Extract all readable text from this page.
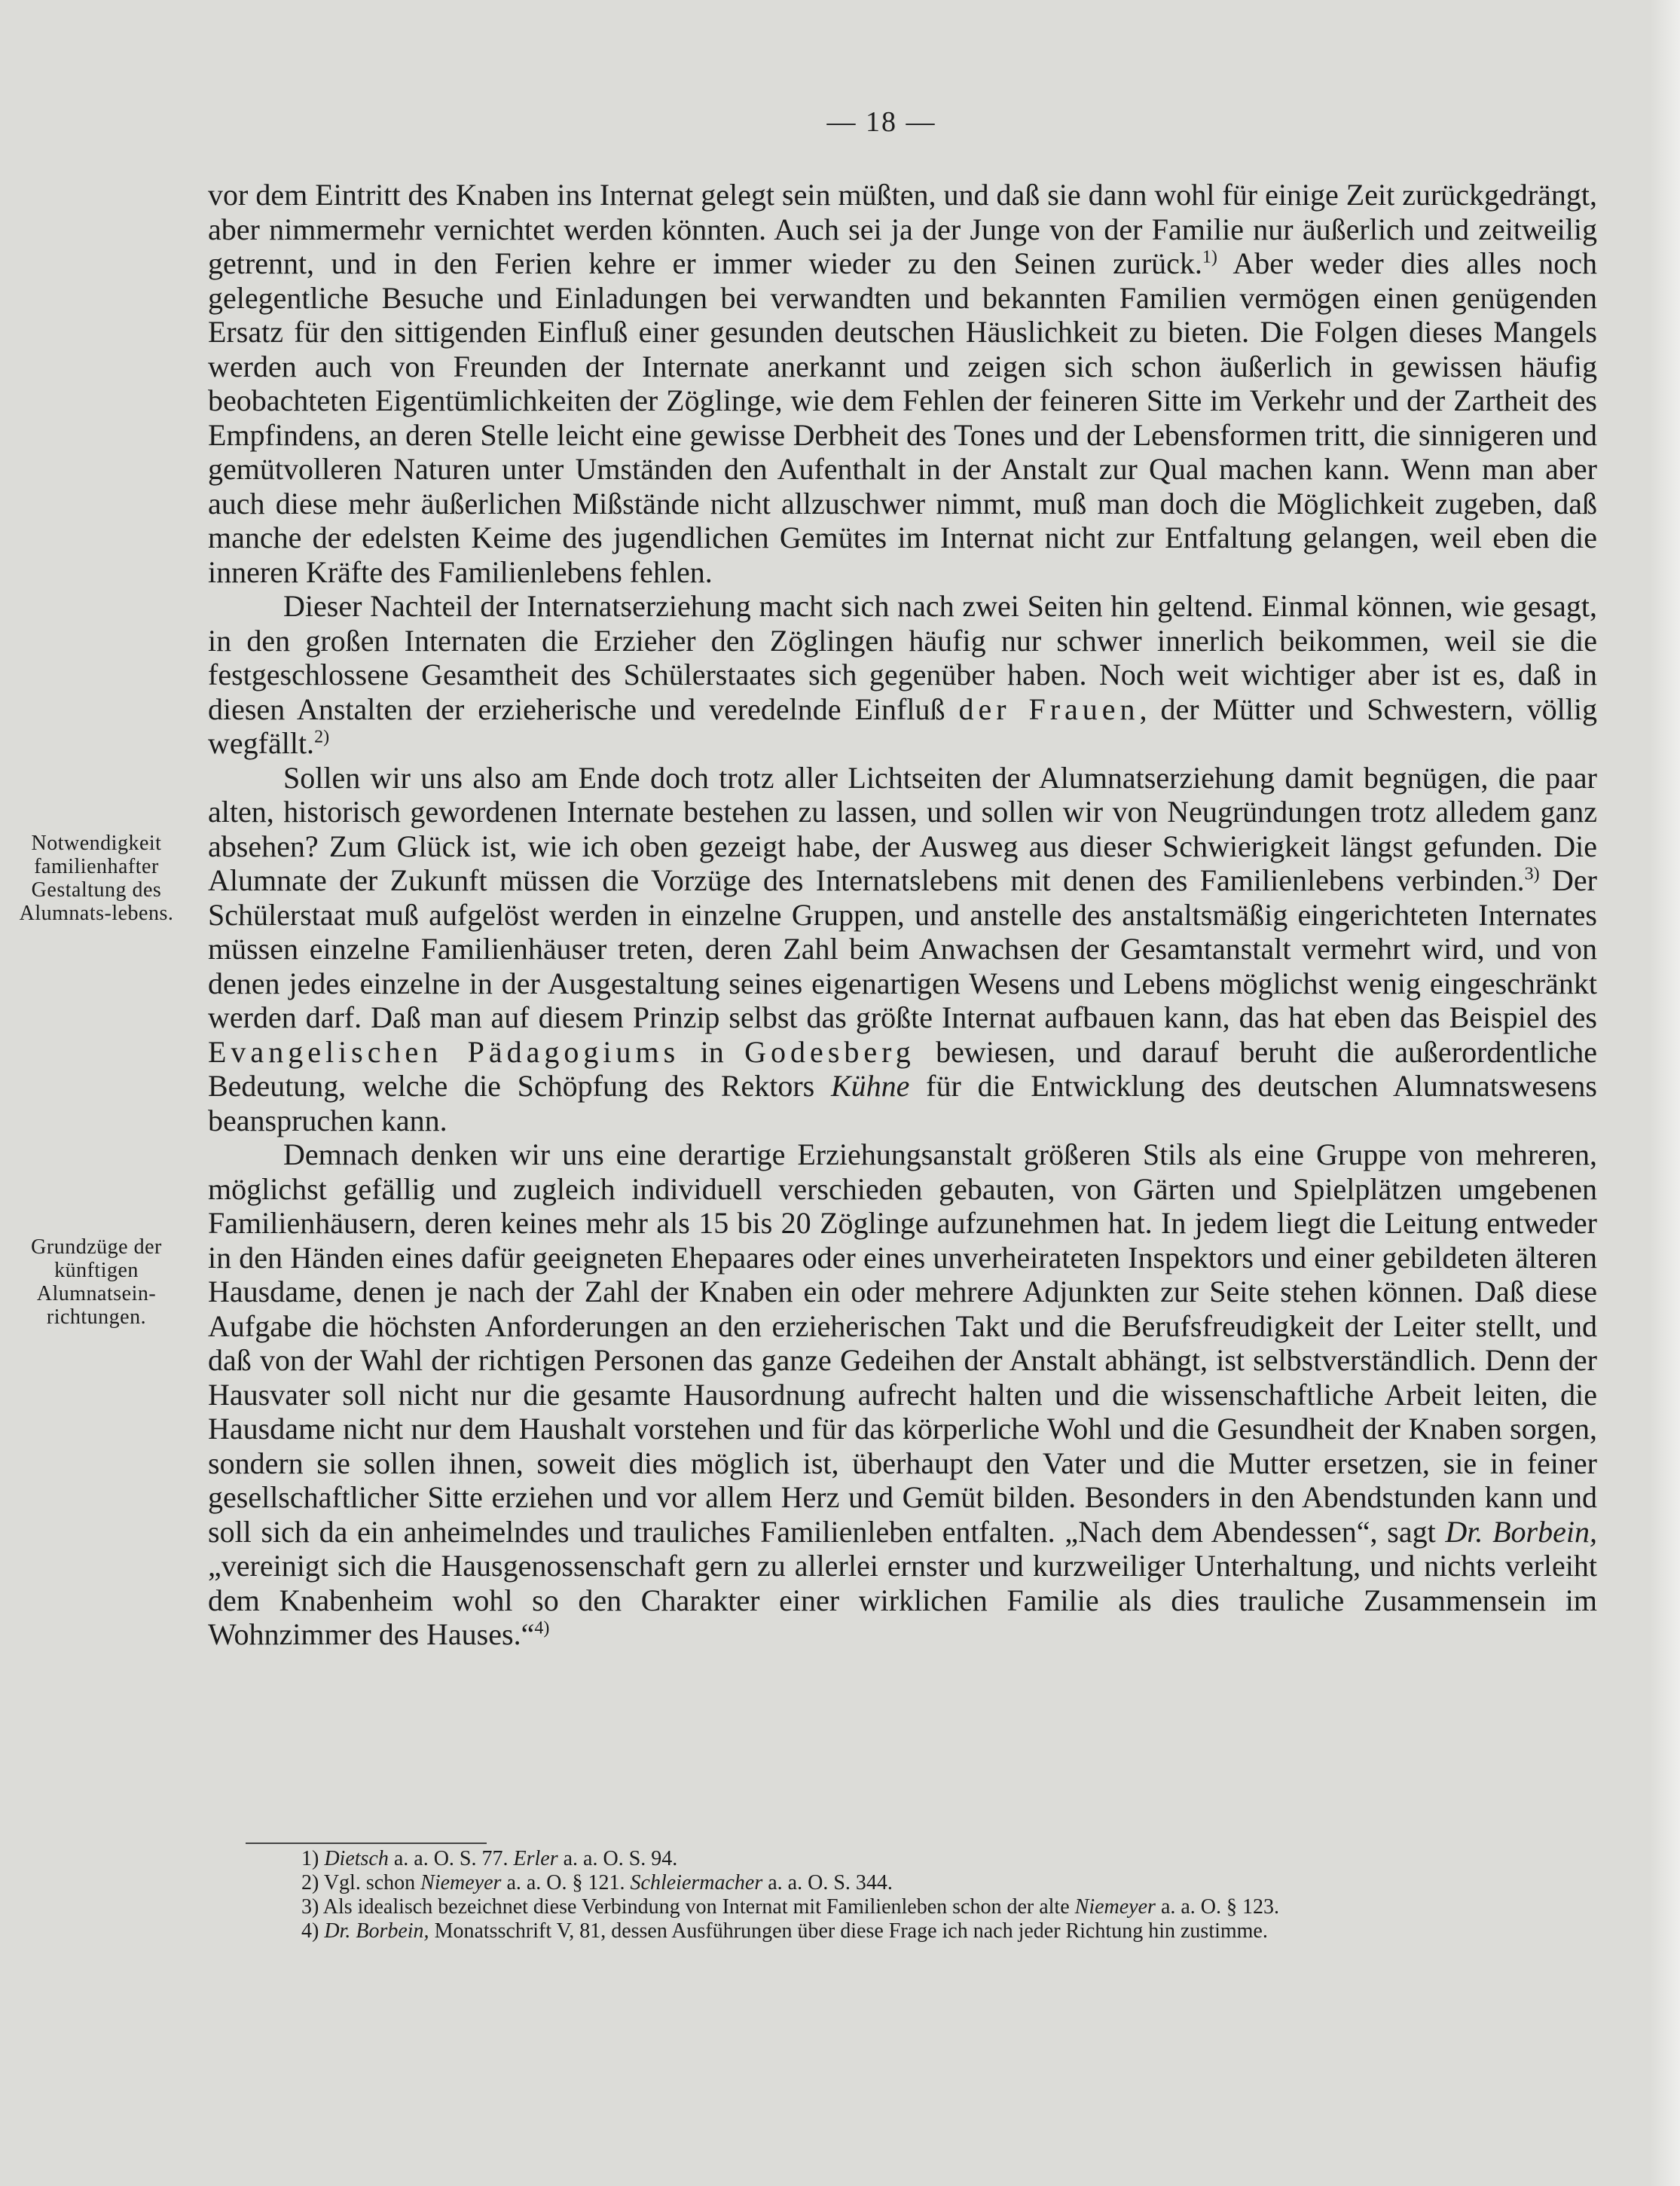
— 18 —
Notwendigkeit familienhafter Gestaltung des Alumnats-lebens.
Grundzüge der künftigen Alumnatsein-richtungen.

vor dem Eintritt des Knaben ins Internat gelegt sein müßten, und daß sie dann wohl für einige Zeit zurückgedrängt, aber nimmermehr vernichtet werden könnten. Auch sei ja der Junge von der Familie nur äußerlich und zeitweilig getrennt, und in den Ferien kehre er immer wieder zu den Seinen zurück.$^{1)}$ Aber weder dies alles noch gelegentliche Besuche und Einladungen bei verwandten und bekannten Familien vermögen einen genügenden Ersatz für den sittigenden Einfluß einer gesunden deutschen Häuslichkeit zu bieten. Die Folgen dieses Mangels werden auch von Freunden der Internate anerkannt und zeigen sich schon äußerlich in gewissen häufig beobachteten Eigentümlichkeiten der Zöglinge, wie dem Fehlen der feineren Sitte im Verkehr und der Zartheit des Empfindens, an deren Stelle leicht eine gewisse Derbheit des Tones und der Lebensformen tritt, die sinnigeren und gemütvolleren Naturen unter Umständen den Aufenthalt in der Anstalt zur Qual machen kann. Wenn man aber auch diese mehr äußerlichen Mißstände nicht allzuschwer nimmt, muß man doch die Möglichkeit zugeben, daß manche der edelsten Keime des jugendlichen Gemütes im Internat nicht zur Entfaltung gelangen, weil eben die inneren Kräfte des Familienlebens fehlen.

Dieser Nachteil der Internatserziehung macht sich nach zwei Seiten hin geltend. Einmal können, wie gesagt, in den großen Internaten die Erzieher den Zöglingen häufig nur schwer innerlich beikommen, weil sie die festgeschlossene Gesamtheit des Schülerstaates sich gegenüber haben. Noch weit wichtiger aber ist es, daß in diesen Anstalten der erzieherische und veredelnde Einfluß der Frauen, der Mütter und Schwestern, völlig wegfällt.$^{2)}$

Sollen wir uns also am Ende doch trotz aller Lichtseiten der Alumnatserziehung damit begnügen, die paar alten, historisch gewordenen Internate bestehen zu lassen, und sollen wir von Neugründungen trotz alledem ganz absehen? Zum Glück ist, wie ich oben gezeigt habe, der Ausweg aus dieser Schwierigkeit längst gefunden. Die Alumnate der Zukunft müssen die Vorzüge des Internatslebens mit denen des Familienlebens verbinden.$^{3)}$ Der Schülerstaat muß aufgelöst werden in einzelne Gruppen, und anstelle des anstaltsmäßig eingerichteten Internates müssen einzelne Familienhäuser treten, deren Zahl beim Anwachsen der Gesamtanstalt vermehrt wird, und von denen jedes einzelne in der Ausgestaltung seines eigenartigen Wesens und Lebens möglichst wenig eingeschränkt werden darf. Daß man auf diesem Prinzip selbst das größte Internat aufbauen kann, das hat eben das Beispiel des Evangelischen Pädagogiums in Godesberg bewiesen, und darauf beruht die außerordentliche Bedeutung, welche die Schöpfung des Rektors Kühne für die Entwicklung des deutschen Alumnatswesens beanspruchen kann.

Demnach denken wir uns eine derartige Erziehungsanstalt größeren Stils als eine Gruppe von mehreren, möglichst gefällig und zugleich individuell verschieden gebauten, von Gärten und Spielplätzen umgebenen Familienhäusern, deren keines mehr als 15 bis 20 Zöglinge aufzunehmen hat. In jedem liegt die Leitung entweder in den Händen eines dafür geeigneten Ehepaares oder eines unverheirateten Inspektors und einer gebildeten älteren Hausdame, denen je nach der Zahl der Knaben ein oder mehrere Adjunkten zur Seite stehen können. Daß diese Aufgabe die höchsten Anforderungen an den erzieherischen Takt und die Berufsfreudigkeit der Leiter stellt, und daß von der Wahl der richtigen Personen das ganze Gedeihen der Anstalt abhängt, ist selbstverständlich. Denn der Hausvater soll nicht nur die gesamte Hausordnung aufrecht halten und die wissenschaftliche Arbeit leiten, die Hausdame nicht nur dem Haushalt vorstehen und für das körperliche Wohl und die Gesundheit der Knaben sorgen, sondern sie sollen ihnen, soweit dies möglich ist, überhaupt den Vater und die Mutter ersetzen, sie in feiner gesellschaftlicher Sitte erziehen und vor allem Herz und Gemüt bilden. Besonders in den Abendstunden kann und soll sich da ein anheimelndes und trauliches Familienleben entfalten. „Nach dem Abendessen“, sagt Dr. Borbein, „vereinigt sich die Hausgenossenschaft gern zu allerlei ernster und kurzweiliger Unterhaltung, und nichts verleiht dem Knabenheim wohl so den Charakter einer wirklichen Familie als dies trauliche Zusammensein im Wohnzimmer des Hauses.“$^{4)}$

1) Dietsch a. a. O. S. 77. Erler a. a. O. S. 94.

2) Vgl. schon Niemeyer a. a. O. § 121. Schleiermacher a. a. O. S. 344.

3) Als idealisch bezeichnet diese Verbindung von Internat mit Familienleben schon der alte Niemeyer a. a. O. § 123.

4) Dr. Borbein, Monatsschrift V, 81, dessen Ausführungen über diese Frage ich nach jeder Richtung hin zustimme.
